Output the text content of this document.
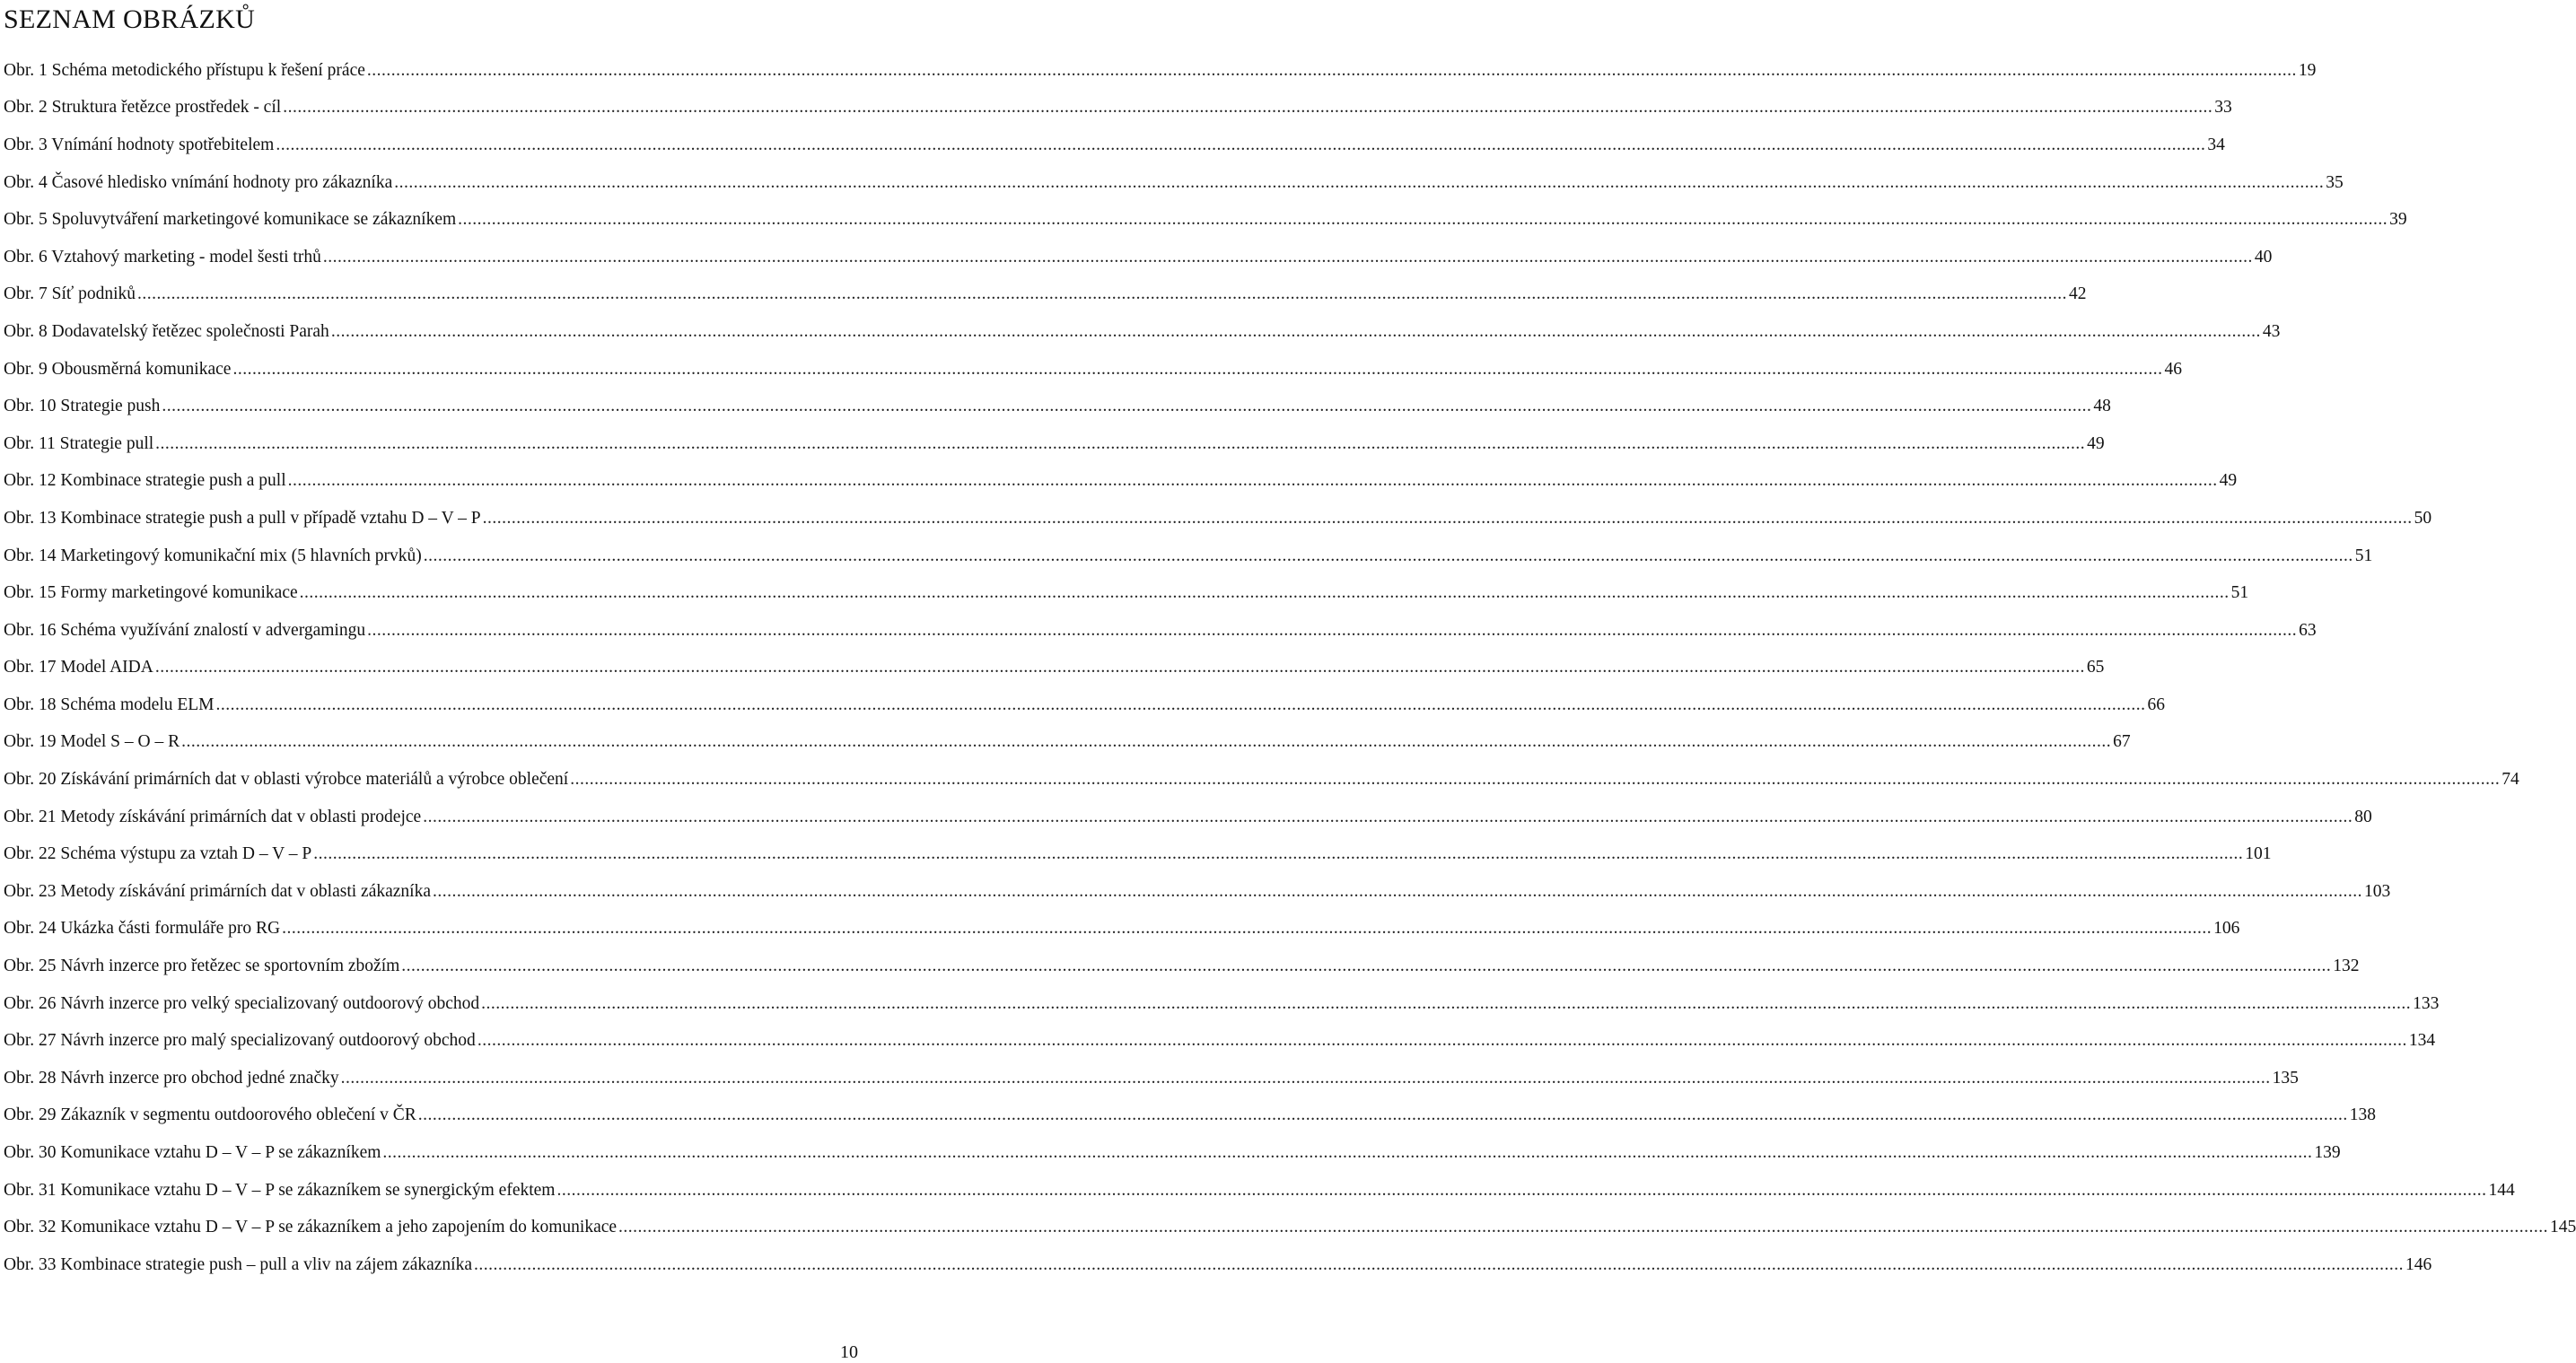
SEZNAM OBRÁZKŮ
Obr. 1 Schéma metodického přístupu k řešení práce ................................................................................................................................................................................................................................................................................................................................................................................................................ 19
Obr. 2 Struktura řetězce prostředek - cíl ................................................................................................................................................................................................................................................................................................................................................................................................................ 33
Obr. 3 Vnímání hodnoty spotřebitelem ................................................................................................................................................................................................................................................................................................................................................................................................................ 34
Obr. 4 Časové hledisko vnímání hodnoty pro zákazníka ................................................................................................................................................................................................................................................................................................................................................................................................................ 35
Obr. 5 Spoluvytváření marketingové komunikace se zákazníkem ................................................................................................................................................................................................................................................................................................................................................................................................................ 39
Obr. 6 Vztahový marketing - model šesti trhů ................................................................................................................................................................................................................................................................................................................................................................................................................ 40
Obr. 7 Síť podniků ................................................................................................................................................................................................................................................................................................................................................................................................................ 42
Obr. 8 Dodavatelský řetězec společnosti Parah ................................................................................................................................................................................................................................................................................................................................................................................................................ 43
Obr. 9 Obousměrná komunikace ................................................................................................................................................................................................................................................................................................................................................................................................................ 46
Obr. 10 Strategie push ................................................................................................................................................................................................................................................................................................................................................................................................................ 48
Obr. 11 Strategie pull ................................................................................................................................................................................................................................................................................................................................................................................................................ 49
Obr. 12 Kombinace strategie push a pull ................................................................................................................................................................................................................................................................................................................................................................................................................ 49
Obr. 13 Kombinace strategie push a pull v případě vztahu D – V – P ................................................................................................................................................................................................................................................................................................................................................................................................................ 50
Obr. 14 Marketingový komunikační mix (5 hlavních prvků) ................................................................................................................................................................................................................................................................................................................................................................................................................ 51
Obr. 15 Formy marketingové komunikace ................................................................................................................................................................................................................................................................................................................................................................................................................ 51
Obr. 16 Schéma využívání znalostí v advergamingu ................................................................................................................................................................................................................................................................................................................................................................................................................ 63
Obr. 17 Model AIDA ................................................................................................................................................................................................................................................................................................................................................................................................................ 65
Obr. 18 Schéma modelu ELM ................................................................................................................................................................................................................................................................................................................................................................................................................ 66
Obr. 19 Model S – O – R ................................................................................................................................................................................................................................................................................................................................................................................................................ 67
Obr. 20 Získávání primárních dat v oblasti výrobce materiálů a výrobce oblečení ................................................................................................................................................................................................................................................................................................................................................................................................................ 74
Obr. 21 Metody získávání primárních dat v oblasti prodejce ................................................................................................................................................................................................................................................................................................................................................................................................................ 80
Obr. 22 Schéma výstupu za vztah D – V – P ................................................................................................................................................................................................................................................................................................................................................................................................................ 101
Obr. 23 Metody získávání primárních dat v oblasti zákazníka ................................................................................................................................................................................................................................................................................................................................................................................................................ 103
Obr. 24 Ukázka části formuláře pro RG ................................................................................................................................................................................................................................................................................................................................................................................................................ 106
Obr. 25 Návrh inzerce pro řetězec se sportovním zbožím ................................................................................................................................................................................................................................................................................................................................................................................................................ 132
Obr. 26 Návrh inzerce pro velký specializovaný outdoorový obchod ................................................................................................................................................................................................................................................................................................................................................................................................................ 133
Obr. 27 Návrh inzerce pro malý specializovaný outdoorový obchod ................................................................................................................................................................................................................................................................................................................................................................................................................ 134
Obr. 28 Návrh inzerce pro obchod jedné značky ................................................................................................................................................................................................................................................................................................................................................................................................................ 135
Obr. 29 Zákazník v segmentu outdoorového oblečení v ČR ................................................................................................................................................................................................................................................................................................................................................................................................................ 138
Obr. 30 Komunikace vztahu D – V – P se zákazníkem ................................................................................................................................................................................................................................................................................................................................................................................................................ 139
Obr. 31 Komunikace vztahu D – V – P se zákazníkem se synergickým efektem ................................................................................................................................................................................................................................................................................................................................................................................................................ 144
Obr. 32 Komunikace vztahu D – V – P se zákazníkem a jeho zapojením do komunikace ................................................................................................................................................................................................................................................................................................................................................................................................................ 145
Obr. 33 Kombinace strategie push – pull a vliv na zájem zákazníka ................................................................................................................................................................................................................................................................................................................................................................................................................ 146
10
